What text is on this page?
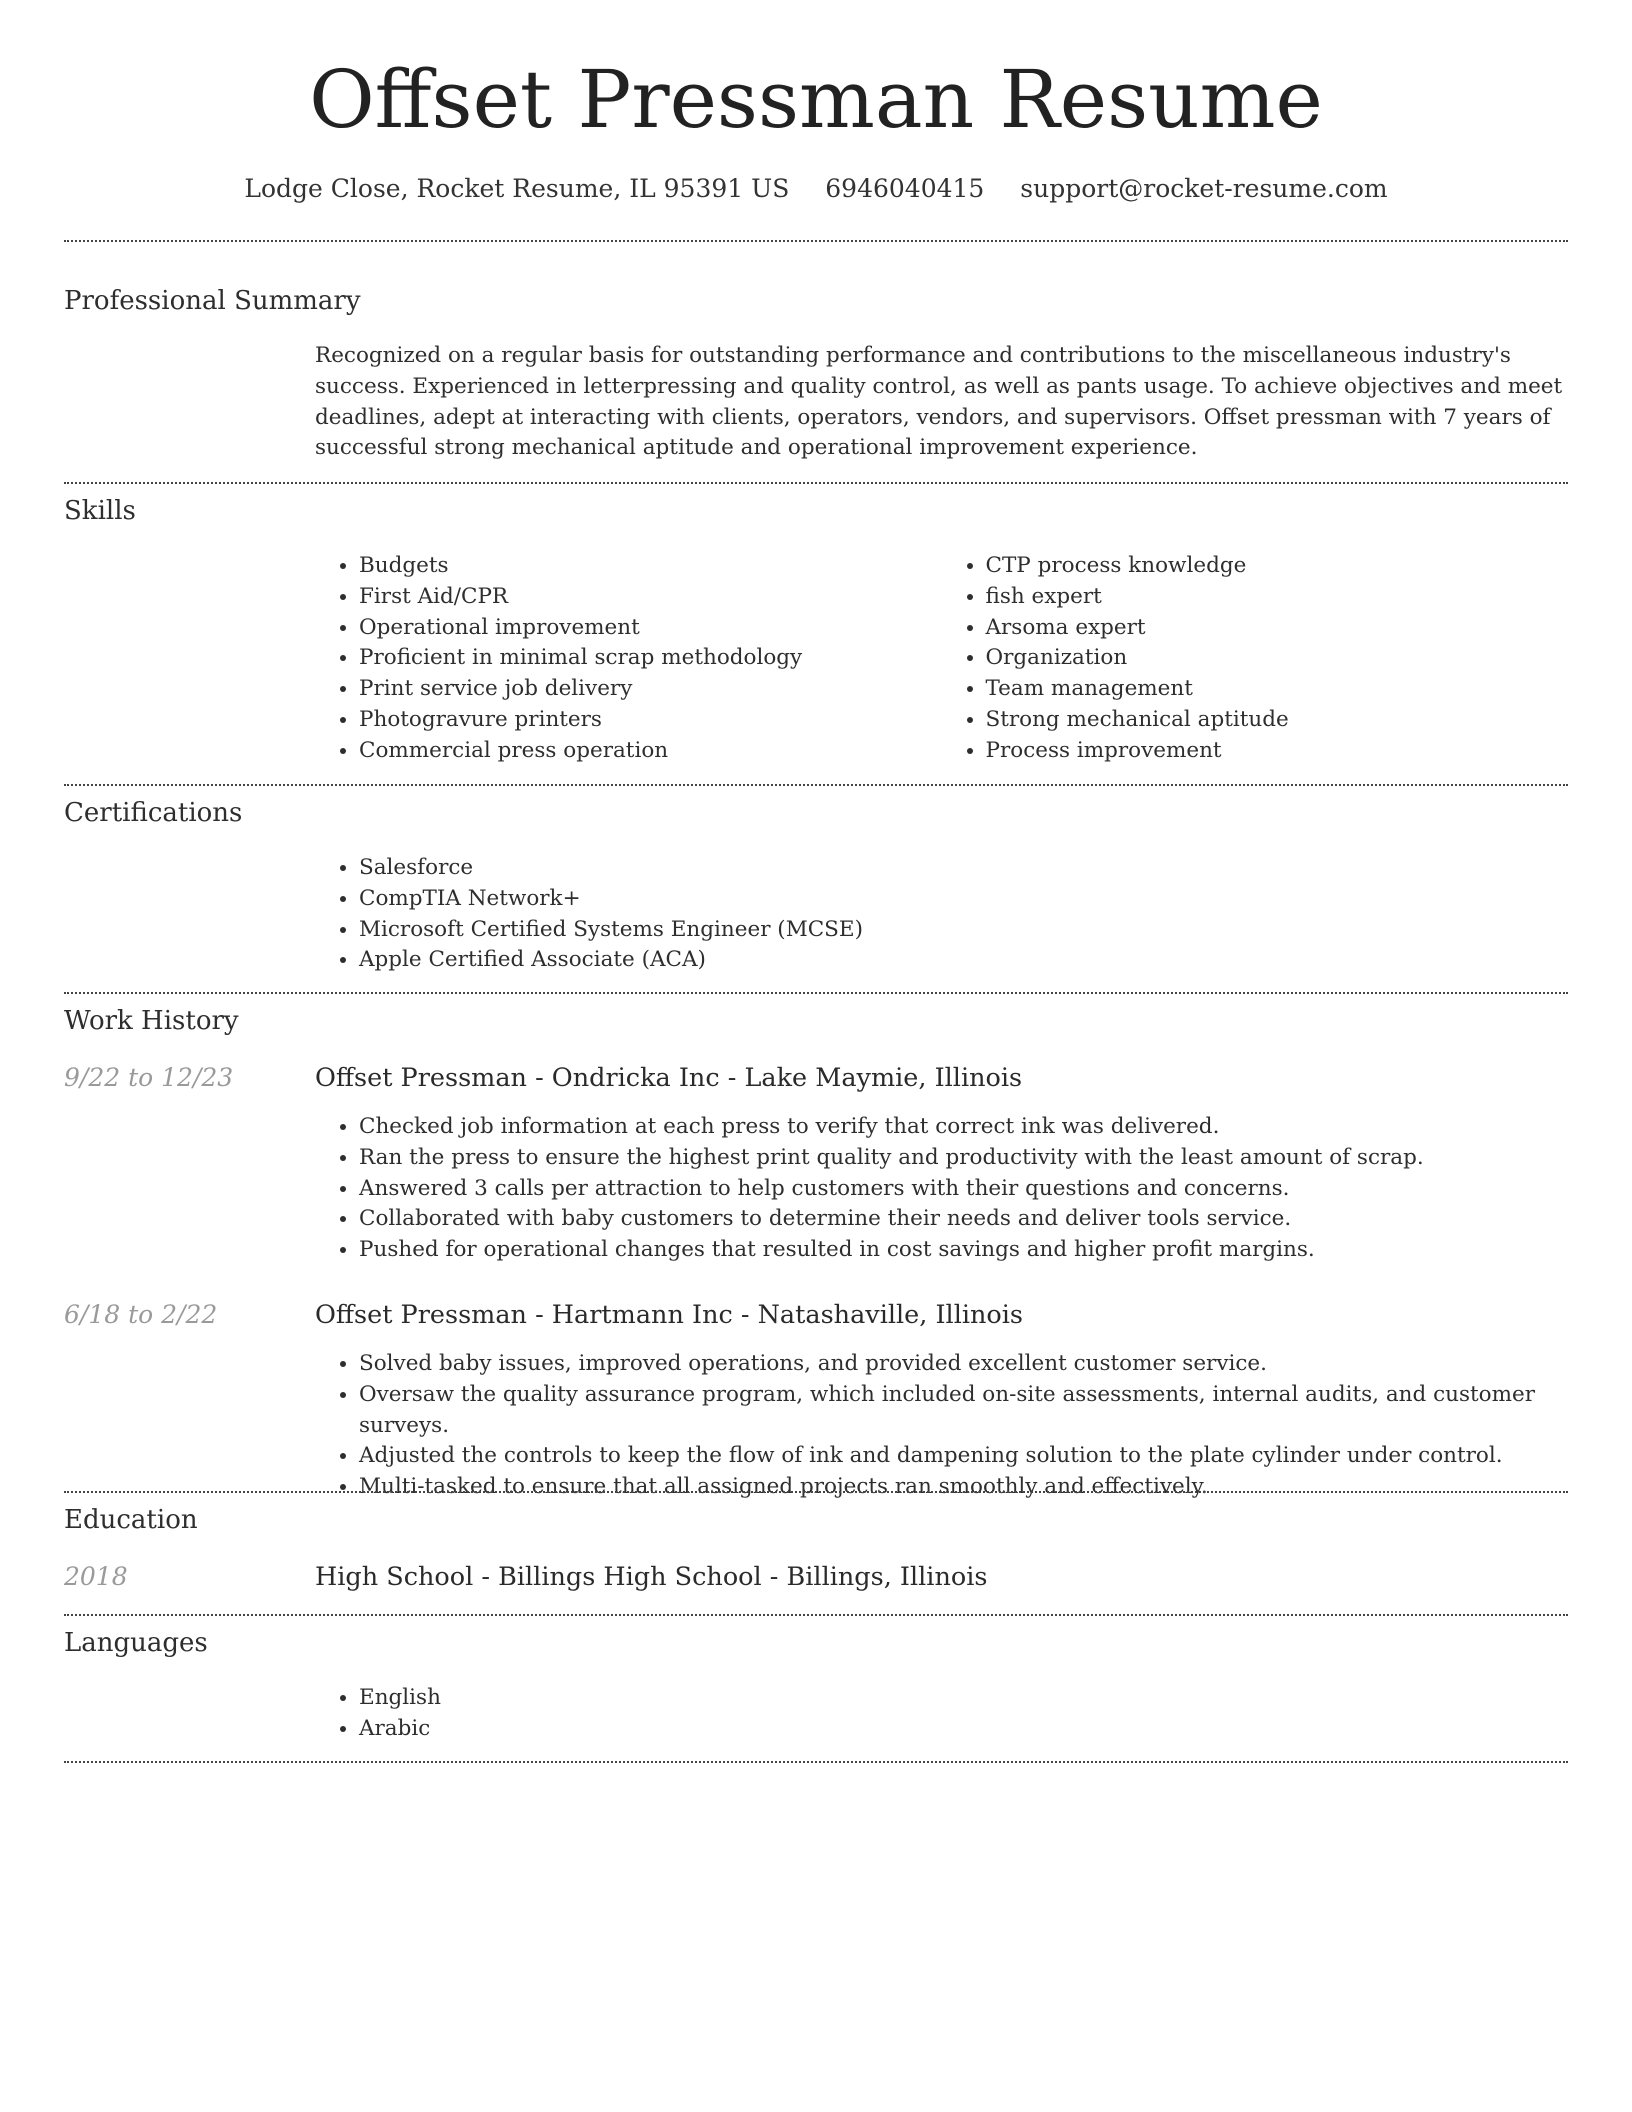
Offset Pressman Resume
Lodge Close, Rocket Resume, IL 95391 US 6946040415 support@rocket-resume.com
Professional Summary

Recognized on a regular basis for outstanding performance and contributions to the miscellaneous industry's success. Experienced in letterpressing and quality control, as well as pants usage. To achieve objectives and meet deadlines, adept at interacting with clients, operators, vendors, and supervisors. Offset pressman with 7 years of successful strong mechanical aptitude and operational improvement experience.

Skills
• Budgets
• First Aid/CPR
• Operational improvement
• Proficient in minimal scrap methodology
• Print service job delivery
• Photogravure printers
• Commercial press operation
• CTP process knowledge
• fish expert
• Arsoma expert
• Organization
• Team management
• Strong mechanical aptitude
• Process improvement
Certifications
• Salesforce
• CompTIA Network+
• Microsoft Certified Systems Engineer (MCSE)
• Apple Certified Associate (ACA)
Work History
9/22 to 12/23	Offset Pressman - Ondricka Inc - Lake Maymie, Illinois
• Checked job information at each press to verify that correct ink was delivered.
• Ran the press to ensure the highest print quality and productivity with the least amount of scrap.
• Answered 3 calls per attraction to help customers with their questions and concerns.
• Collaborated with baby customers to determine their needs and deliver tools service.
• Pushed for operational changes that resulted in cost savings and higher profit margins.
6/18 to 2/22	Offset Pressman - Hartmann Inc - Natashaville, Illinois
• Solved baby issues, improved operations, and provided excellent customer service.
• Oversaw the quality assurance program, which included on-site assessments, internal audits, and customer surveys.
• Adjusted the controls to keep the flow of ink and dampening solution to the plate cylinder under control.
• Multi-tasked to ensure that all assigned projects ran smoothly and effectively.
Education
2018	High School - Billings High School - Billings, Illinois
Languages
• English
• Arabic
